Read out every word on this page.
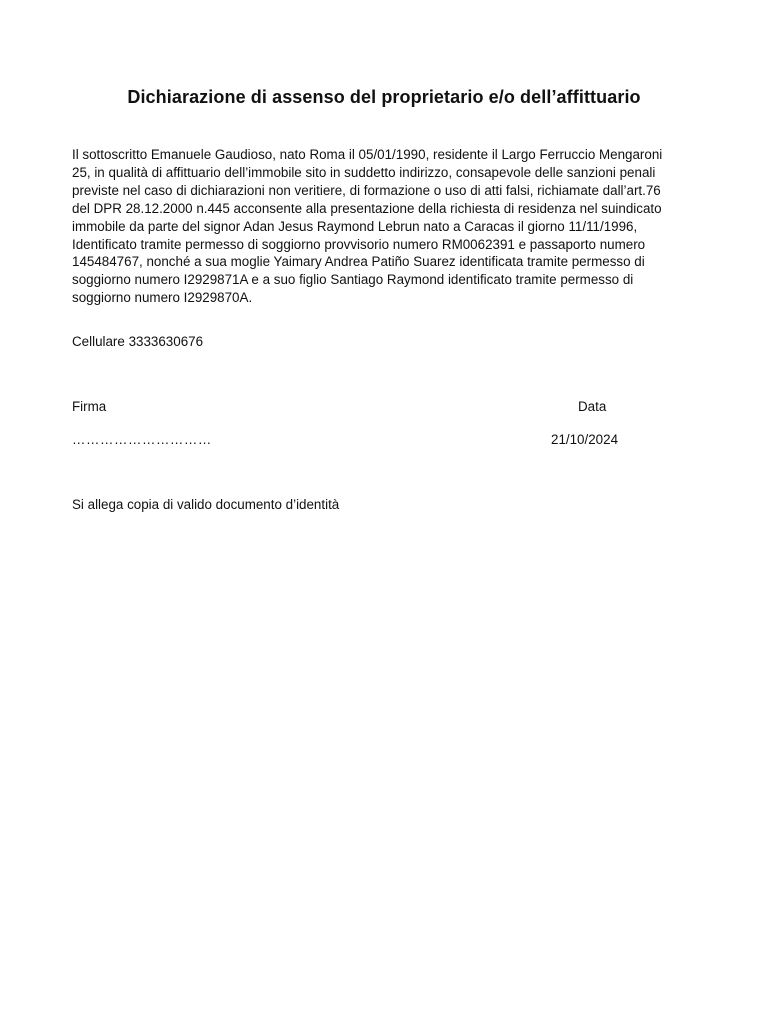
Dichiarazione di assenso del proprietario e/o dell’affittuario
Il sottoscritto Emanuele Gaudioso, nato Roma il 05/01/1990, residente il Largo Ferruccio Mengaroni
25, in qualità di affittuario dell’immobile sito in suddetto indirizzo, consapevole delle sanzioni penali
previste nel caso di dichiarazioni non veritiere, di formazione o uso di atti falsi, richiamate dall’art.76
del DPR 28.12.2000 n.445 acconsente alla presentazione della richiesta di residenza nel suindicato
immobile da parte del signor Adan Jesus Raymond Lebrun nato a Caracas il giorno 11/11/1996,
Identificato tramite permesso di soggiorno provvisorio numero RM0062391 e passaporto numero
145484767, nonché a sua moglie Yaimary Andrea Patiño Suarez identificata tramite permesso di
soggiorno numero I2929871A e a suo figlio Santiago Raymond identificato tramite permesso di
soggiorno numero I2929870A.
Cellulare 3333630676
Firma	Data
…………………………	21/10/2024
Si allega copia di valido documento d’identità
